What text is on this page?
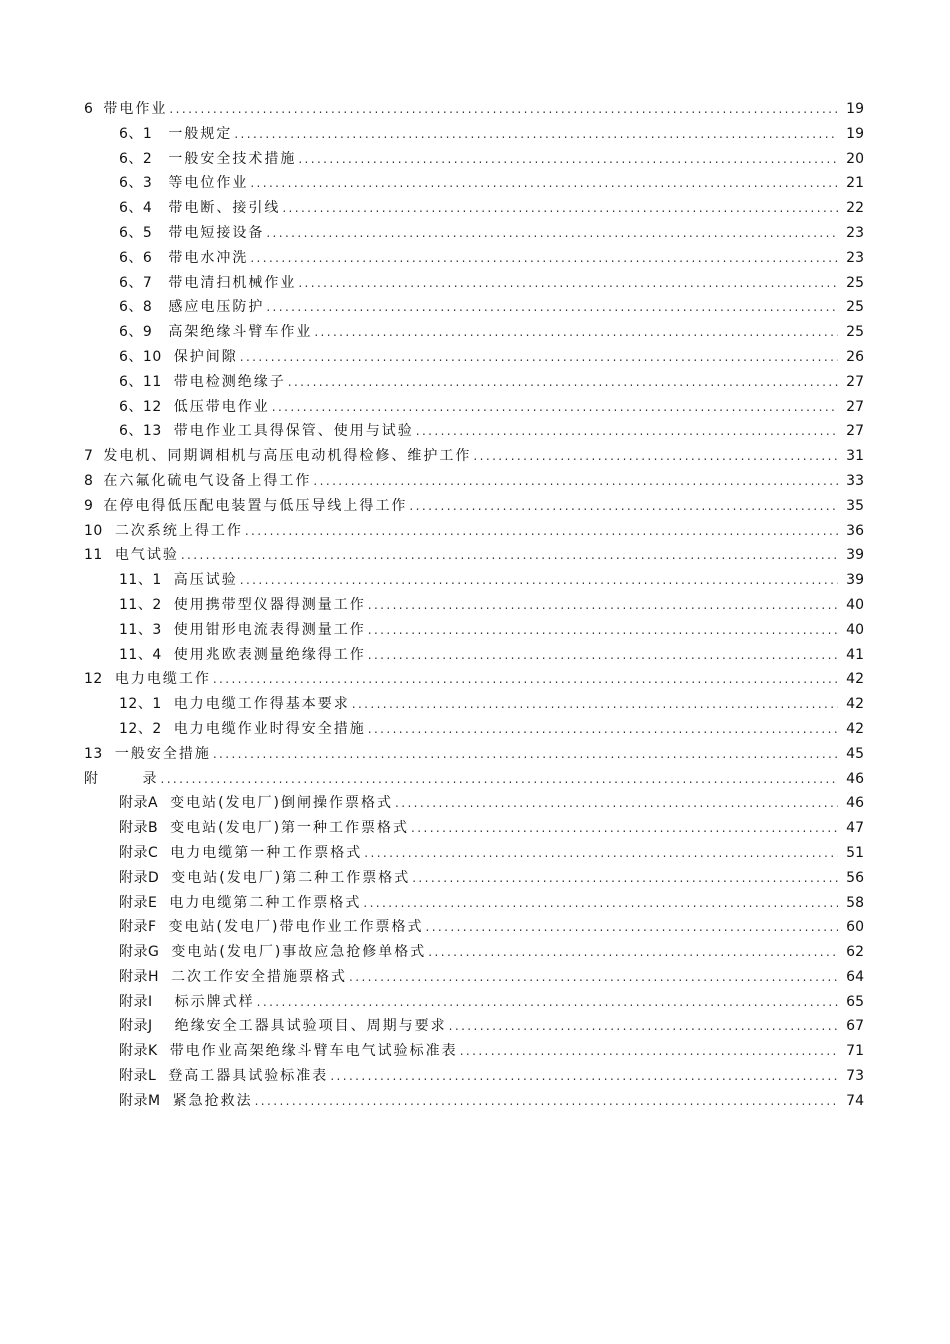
6 带电作业 .....	19
6、1 一般规定 .....	19
6、2 一般安全技术措施 .....	20
6、3 等电位作业 .....	21
6、4 带电断、接引线 .....	22
6、5 带电短接设备 .....	23
6、6 带电水冲洗 .....	23
6、7 带电清扫机械作业 .....	25
6、8 感应电压防护 .....	25
6、9 高架绝缘斗臂车作业 .....	25
6、10 保护间隙 .....	26
6、11 带电检测绝缘子 .....	27
6、12 低压带电作业 .....	27
6、13 带电作业工具得保管、使用与试验 .....	27
7 发电机、同期调相机与高压电动机得检修、维护工作 .....	31
8 在六氟化硫电气设备上得工作 .....	33
9 在停电得低压配电装置与低压导线上得工作 .....	35
10 二次系统上得工作 .....	36
11 电气试验 .....	39
11、1 高压试验 .....	39
11、2 使用携带型仪器得测量工作 .....	40
11、3 使用钳形电流表得测量工作 .....	40
11、4 使用兆欧表测量绝缘得工作 .....	41
12 电力电缆工作 .....	42
12、1 电力电缆工作得基本要求 .....	42
12、2 电力电缆作业时得安全措施 .....	42
13 一般安全措施 .....	45
附	录 .....	46
附录A 变电站(发电厂)倒闸操作票格式 .....	46
附录B 变电站(发电厂)第一种工作票格式 .....	47
附录C 电力电缆第一种工作票格式 .....	51
附录D 变电站(发电厂)第二种工作票格式 .....	56
附录E 电力电缆第二种工作票格式 .....	58
附录F 变电站(发电厂)带电作业工作票格式 .....	60
附录G 变电站(发电厂)事故应急抢修单格式 .....	62
附录H 二次工作安全措施票格式 .....	64
附录I 标示牌式样 .....	65
附录J 绝缘安全工器具试验项目、周期与要求 .....	67
附录K 带电作业高架绝缘斗臂车电气试验标准表 .....	71
附录L 登高工器具试验标准表 .....	73
附录M 紧急抢救法 .....	74
